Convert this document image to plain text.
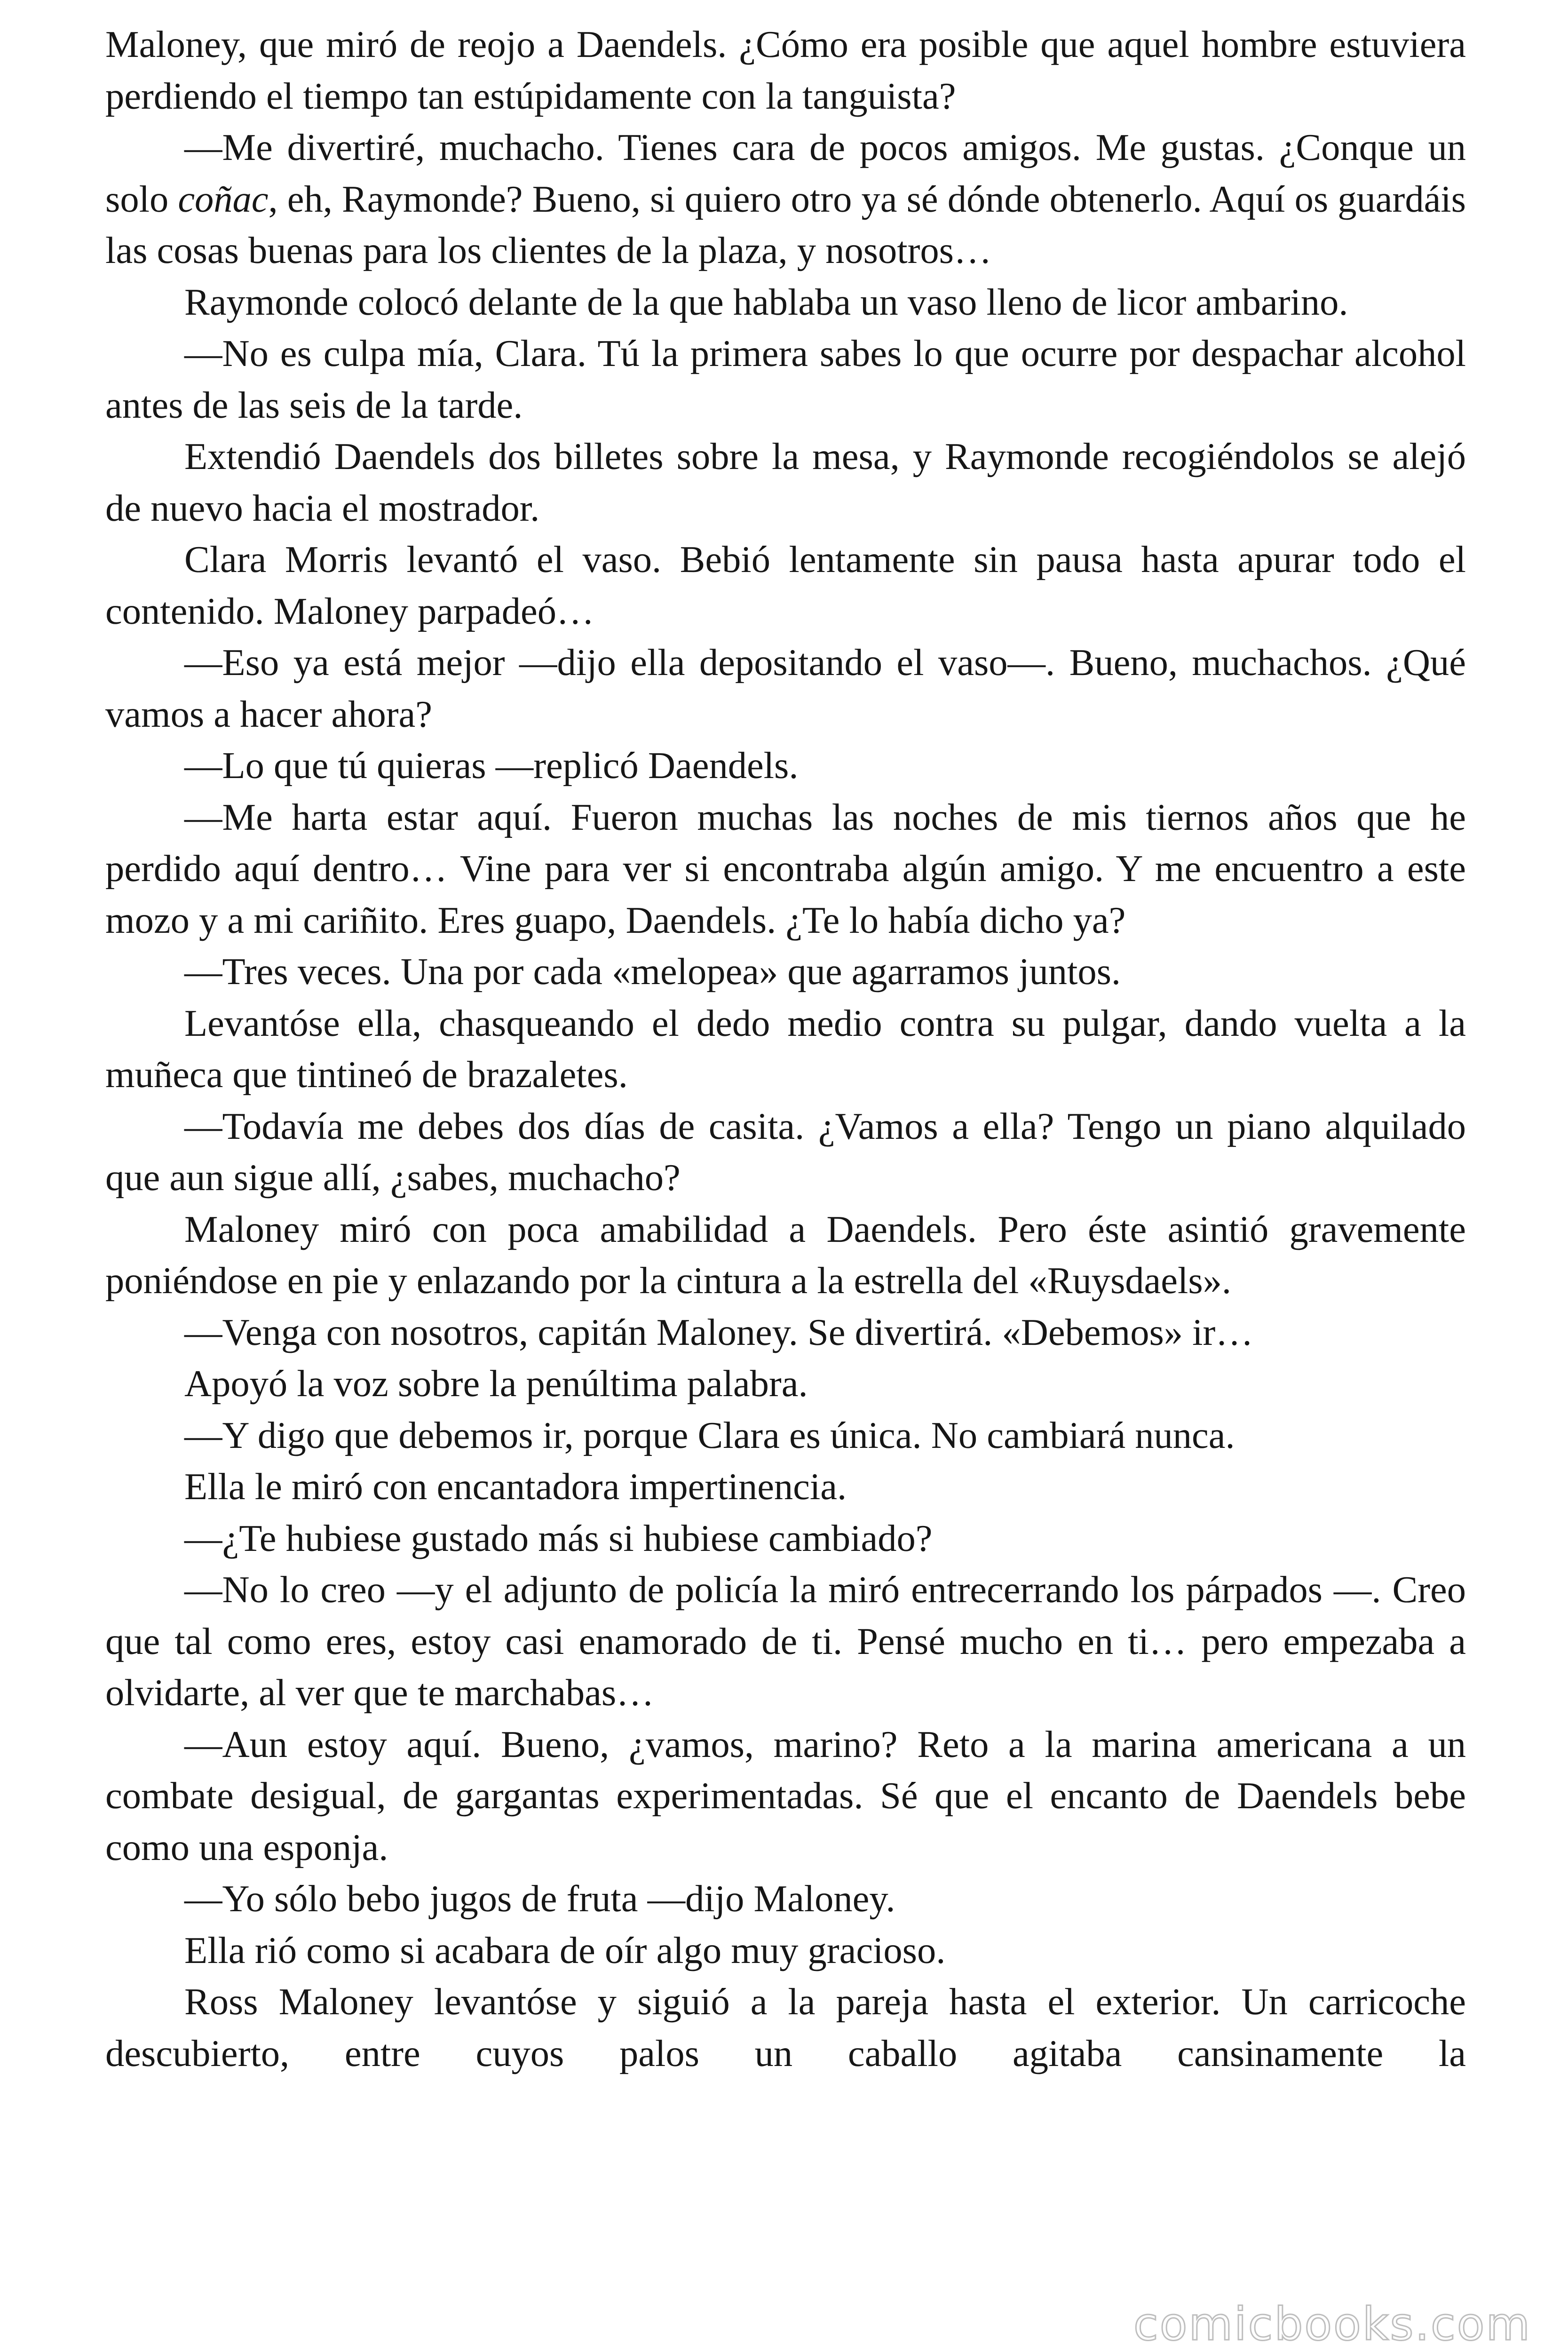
Maloney, que miró de reojo a Daendels. ¿Cómo era posible que aquel hombre estuviera perdiendo el tiempo tan estúpidamente con la tanguista?

—Me divertiré, muchacho. Tienes cara de pocos amigos. Me gustas. ¿Conque un solo coñac, eh, Raymonde? Bueno, si quiero otro ya sé dónde obtenerlo. Aquí os guardáis las cosas buenas para los clientes de la plaza, y nosotros…

Raymonde colocó delante de la que hablaba un vaso lleno de licor ambarino.

—No es culpa mía, Clara. Tú la primera sabes lo que ocurre por despachar alcohol antes de las seis de la tarde.

Extendió Daendels dos billetes sobre la mesa, y Raymonde recogiéndolos se alejó de nuevo hacia el mostrador.

Clara Morris levantó el vaso. Bebió lentamente sin pausa hasta apurar todo el contenido. Maloney parpadeó…

—Eso ya está mejor —dijo ella depositando el vaso—. Bueno, muchachos. ¿Qué vamos a hacer ahora?

—Lo que tú quieras —replicó Daendels.

—Me harta estar aquí. Fueron muchas las noches de mis tiernos años que he perdido aquí dentro… Vine para ver si encontraba algún amigo. Y me encuentro a este mozo y a mi cariñito. Eres guapo, Daendels. ¿Te lo había dicho ya?

—Tres veces. Una por cada «melopea» que agarramos juntos.

Levantóse ella, chasqueando el dedo medio contra su pulgar, dando vuelta a la muñeca que tintineó de brazaletes.

—Todavía me debes dos días de casita. ¿Vamos a ella? Tengo un piano alquilado que aun sigue allí, ¿sabes, muchacho?

Maloney miró con poca amabilidad a Daendels. Pero éste asintió gravemente poniéndose en pie y enlazando por la cintura a la estrella del «Ruysdaels».

—Venga con nosotros, capitán Maloney. Se divertirá. «Debemos» ir…

Apoyó la voz sobre la penúltima palabra.

—Y digo que debemos ir, porque Clara es única. No cambiará nunca.

Ella le miró con encantadora impertinencia.

—¿Te hubiese gustado más si hubiese cambiado?

—No lo creo —y el adjunto de policía la miró entrecerrando los párpados —. Creo que tal como eres, estoy casi enamorado de ti. Pensé mucho en ti… pero empezaba a olvidarte, al ver que te marchabas…

—Aun estoy aquí. Bueno, ¿vamos, marino? Reto a la marina americana a un combate desigual, de gargantas experimentadas. Sé que el encanto de Daendels bebe como una esponja.

—Yo sólo bebo jugos de fruta —dijo Maloney.

Ella rió como si acabara de oír algo muy gracioso.

Ross Maloney levantóse y siguió a la pareja hasta el exterior. Un carricoche descubierto, entre cuyos palos un caballo agitaba cansinamente la

comicbooks.com
